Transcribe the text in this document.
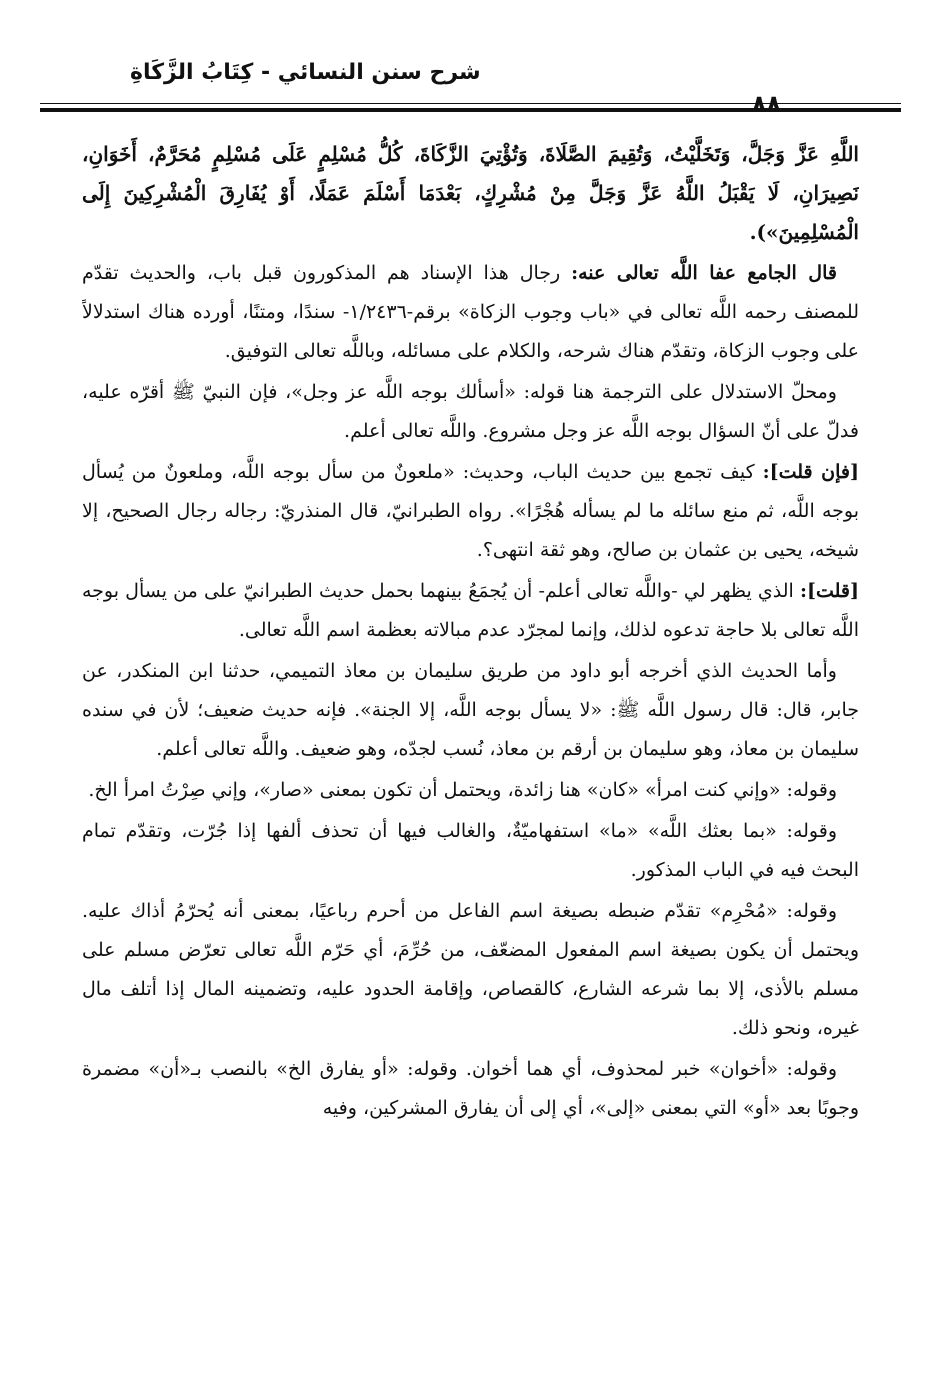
شرح سنن النسائي - كِتَابُ الزَّكَاةِ
٨٨

اللَّهِ عَزَّ وَجَلَّ، وَتَخَلَّيْتُ، وَتُقِيمَ الصَّلَاةَ، وَتُؤْتِيَ الزَّكَاةَ، كُلُّ مُسْلِمٍ عَلَى مُسْلِمٍ مُحَرَّمٌ، أَخَوَانِ، نَصِيرَانِ، لَا يَقْبَلُ اللَّهُ عَزَّ وَجَلَّ مِنْ مُشْرِكٍ، بَعْدَمَا أَسْلَمَ عَمَلًا، أَوْ يُفَارِقَ الْمُشْرِكِينَ إِلَى الْمُسْلِمِينَ»).

قال الجامع عفا اللَّه تعالى عنه: رجال هذا الإسناد هم المذكورون قبل باب، والحديث تقدّم للمصنف رحمه اللَّه تعالى في «باب وجوب الزكاة» برقم-١/٢٤٣٦- سندًا، ومتنًا، أورده هناك استدلالاً على وجوب الزكاة، وتقدّم هناك شرحه، والكلام على مسائله، وباللَّه تعالى التوفيق.

ومحلّ الاستدلال على الترجمة هنا قوله: «أسألك بوجه اللَّه عز وجل»، فإن النبيّ ﷺ أقرّه عليه، فدلّ على أنّ السؤال بوجه اللَّه عز وجل مشروع. واللَّه تعالى أعلم.

[فإن قلت]: كيف تجمع بين حديث الباب، وحديث: «ملعونٌ من سأل بوجه اللَّه، وملعونٌ من يُسأل بوجه اللَّه، ثم منع سائله ما لم يسأله هُجْرًا». رواه الطبرانيّ، قال المنذريّ: رجاله رجال الصحيح، إلا شيخه، يحيى بن عثمان بن صالح، وهو ثقة انتهى؟.

[قلت]: الذي يظهر لي -واللَّه تعالى أعلم- أن يُجمَعُ بينهما بحمل حديث الطبرانيّ على من يسأل بوجه اللَّه تعالى بلا حاجة تدعوه لذلك، وإنما لمجرّد عدم مبالاته بعظمة اسم اللَّه تعالى.

وأما الحديث الذي أخرجه أبو داود من طريق سليمان بن معاذ التميمي، حدثنا ابن المنكدر، عن جابر، قال: قال رسول اللَّه ﷺ: «لا يسأل بوجه اللَّه، إلا الجنة». فإنه حديث ضعيف؛ لأن في سنده سليمان بن معاذ، وهو سليمان بن أرقم بن معاذ، نُسب لجدّه، وهو ضعيف. واللَّه تعالى أعلم.

وقوله: «وإني كنت امرأ» «كان» هنا زائدة، ويحتمل أن تكون بمعنى «صار»، وإني صِرْتُ امرأ الخ.

وقوله: «بما بعثك اللَّه» «ما» استفهاميّةٌ، والغالب فيها أن تحذف ألفها إذا جُرّت، وتقدّم تمام البحث فيه في الباب المذكور.

وقوله: «مُحْرِم» تقدّم ضبطه بصيغة اسم الفاعل من أحرم رباعيًا، بمعنى أنه يُحرّمُ أذاك عليه. ويحتمل أن يكون بصيغة اسم المفعول المضعّف، من حُرِّمَ، أي حَرّم اللَّه تعالى تعرّض مسلم على مسلم بالأذى، إلا بما شرعه الشارع، كالقصاص، وإقامة الحدود عليه، وتضمينه المال إذا أتلف مال غيره، ونحو ذلك.

وقوله: «أخوان» خبر لمحذوف، أي هما أخوان. وقوله: «أو يفارق الخ» بالنصب بـ«أن» مضمرة وجوبًا بعد «أو» التي بمعنى «إلى»، أي إلى أن يفارق المشركين، وفيه
